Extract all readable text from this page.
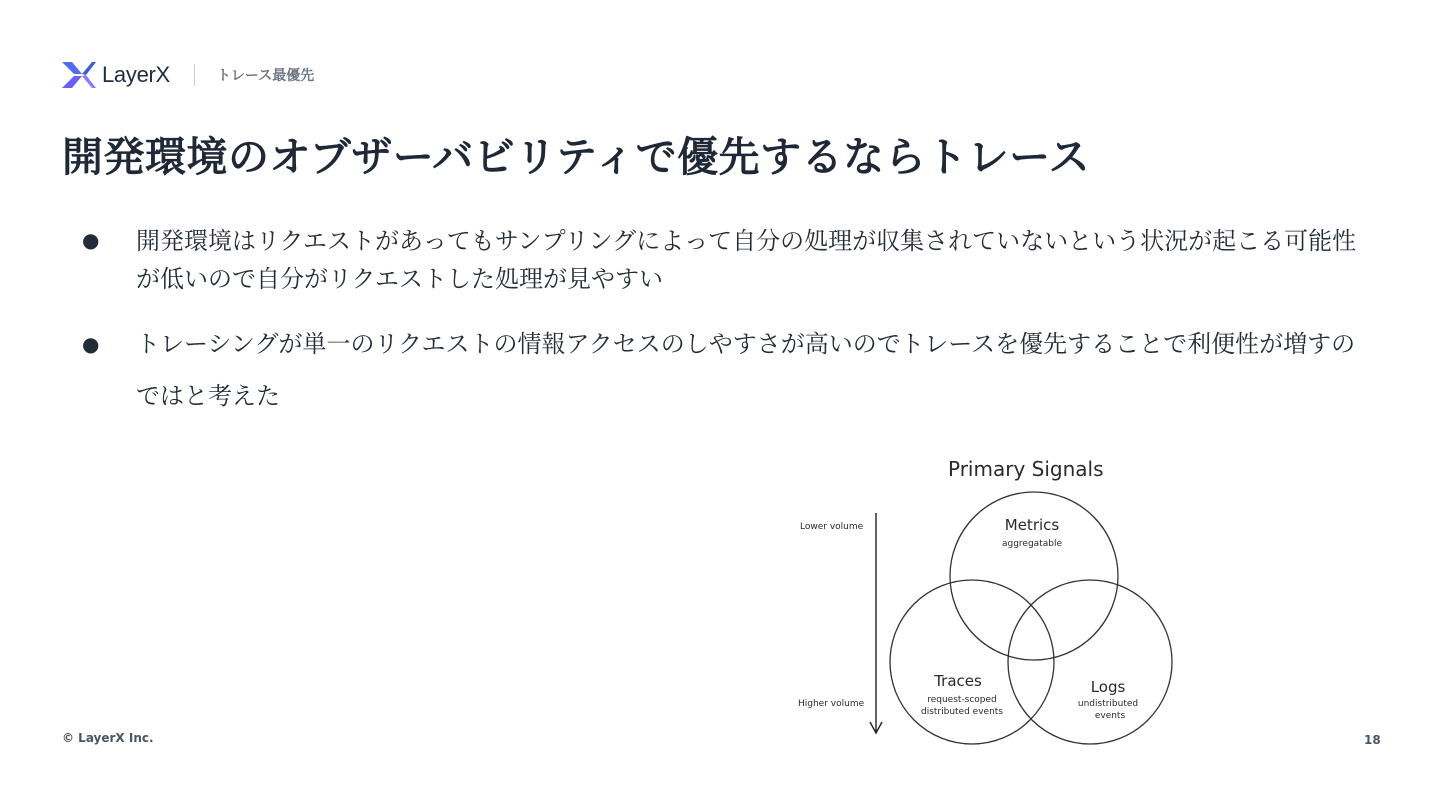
LayerX	トレース最優先
開発環境のオブザーバビリティで優先するならトレース
●	開発環境はリクエストがあってもサンプリングによって自分の処理が収集されていないという状況が起こる可能性が低いので自分がリクエストした処理が見やすい
●	トレーシングが単一のリクエストの情報アクセスのしやすさが高いのでトレースを優先することで利便性が増すのではと考えた
Primary Signals
Lower volume
Higher volume
Metrics
aggregatable
Traces
request-scoped
distributed events
Logs
undistributed
events
© LayerX Inc.	18
